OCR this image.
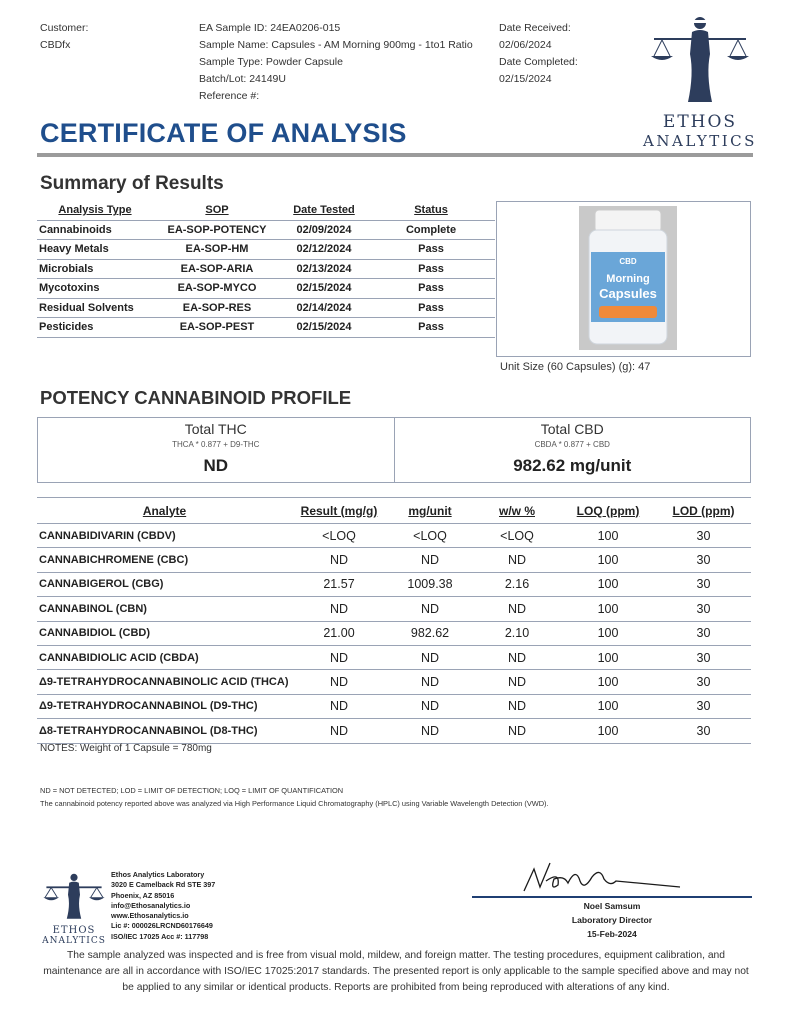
Customer:
CBDfx
EA Sample ID: 24EA0206-015
Sample Name: Capsules - AM Morning 900mg - 1to1 Ratio
Sample Type: Powder Capsule
Batch/Lot: 24149U
Reference #:
Date Received:
02/06/2024
Date Completed:
02/15/2024
ETHOS
ANALYTICS
CERTIFICATE OF ANALYSIS
Summary of Results
Analysis Type	SOP	Date Tested	Status
Cannabinoids	EA-SOP-POTENCY	02/09/2024	Complete
Heavy Metals	EA-SOP-HM	02/12/2024	Pass
Microbials	EA-SOP-ARIA	02/13/2024	Pass
Mycotoxins	EA-SOP-MYCO	02/15/2024	Pass
Residual Solvents	EA-SOP-RES	02/14/2024	Pass
Pesticides	EA-SOP-PEST	02/15/2024	Pass
CBD
Morning
Capsules
Unit Size (60 Capsules) (g): 47
POTENCY CANNABINOID PROFILE
Total THC
THCA * 0.877 + D9-THC
ND
Total CBD
CBDA * 0.877 + CBD
982.62 mg/unit
Analyte	Result (mg/g)	mg/unit	w/w %	LOQ (ppm)	LOD (ppm)
CANNABIDIVARIN (CBDV)	<LOQ	<LOQ	<LOQ	100	30
CANNABICHROMENE (CBC)	ND	ND	ND	100	30
CANNABIGEROL (CBG)	21.57	1009.38	2.16	100	30
CANNABINOL (CBN)	ND	ND	ND	100	30
CANNABIDIOL (CBD)	21.00	982.62	2.10	100	30
CANNABIDIOLIC ACID (CBDA)	ND	ND	ND	100	30
Δ9-TETRAHYDROCANNABINOLIC ACID (THCA)	ND	ND	ND	100	30
Δ9-TETRAHYDROCANNABINOL (D9-THC)	ND	ND	ND	100	30
Δ8-TETRAHYDROCANNABINOL (D8-THC)	ND	ND	ND	100	30
NOTES: Weight of 1 Capsule = 780mg
ND = NOT DETECTED; LOD = LIMIT OF DETECTION; LOQ = LIMIT OF QUANTIFICATION
The cannabinoid potency reported above was analyzed via High Performance Liquid Chromatography (HPLC) using Variable Wavelength Detection (VWD).
ETHOS
ANALYTICS
Ethos Analytics Laboratory
3020 E Camelback Rd STE 397
Phoenix, AZ 85016
info@Ethosanalytics.io
www.Ethosanalytics.io
Lic #: 000026LRCND60176649
ISO/IEC 17025 Acc #: 117798
Noel Samsum
Laboratory Director
15-Feb-2024
The sample analyzed was inspected and is free from visual mold, mildew, and foreign matter. The testing procedures, equipment calibration, and maintenance are all in accordance with ISO/IEC 17025:2017 standards. The presented report is only applicable to the sample specified above and may not be applied to any similar or identical products. Reports are prohibited from being reproduced with alterations of any kind.
